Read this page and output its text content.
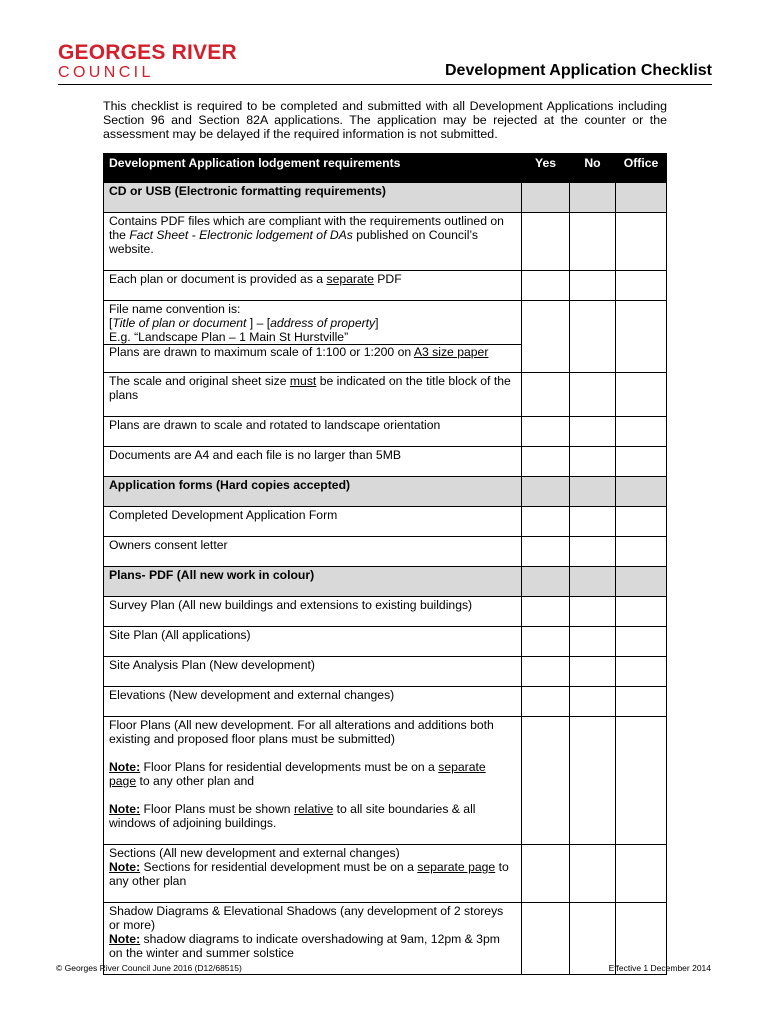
GEORGES RIVER
COUNCIL	Development Application Checklist
This checklist is required to be completed and submitted with all Development Applications including Section 96 and Section 82A applications. The application may be rejected at the counter or the assessment may be delayed if the required information is not submitted.
Development Application lodgement requirements	Yes	No	Office
CD or USB (Electronic formatting requirements)			
Contains PDF files which are compliant with the requirements outlined on the Fact Sheet - Electronic lodgement of DAs published on Council’s website.			
Each plan or document is provided as a separate PDF			

File name convention is:
[Title of plan or document ] – [address of property]
E.g. “Landscape Plan – 1 Main St Hurstville”
Plans are drawn to maximum scale of 1:100 or 1:200 on A3 size paper			

The scale and original sheet size must be indicated on the title block of the plans			
Plans are drawn to scale and rotated to landscape orientation			
Documents are A4 and each file is no larger than 5MB			
Application forms (Hard copies accepted)			
Completed Development Application Form			
Owners consent letter			
Plans- PDF (All new work in colour)			
Survey Plan (All new buildings and extensions to existing buildings)			
Site Plan (All applications)			
Site Analysis Plan (New development)			
Elevations (New development and external changes)			

Floor Plans (All new development. For all alterations and additions both existing and proposed floor plans must be submitted)
Note: Floor Plans for residential developments must be on a separate page to any other plan and
Note: Floor Plans must be shown relative to all site boundaries & all windows of adjoining buildings.			

Sections (All new development and external changes)
Note: Sections for residential development must be on a separate page to any other plan			

Shadow Diagrams & Elevational Shadows (any development of 2 storeys or more)
Note: shadow diagrams to indicate overshadowing at 9am, 12pm & 3pm on the winter and summer solstice			

© Georges River Council June 2016 (D12/68515)	Effective 1 December 2014
